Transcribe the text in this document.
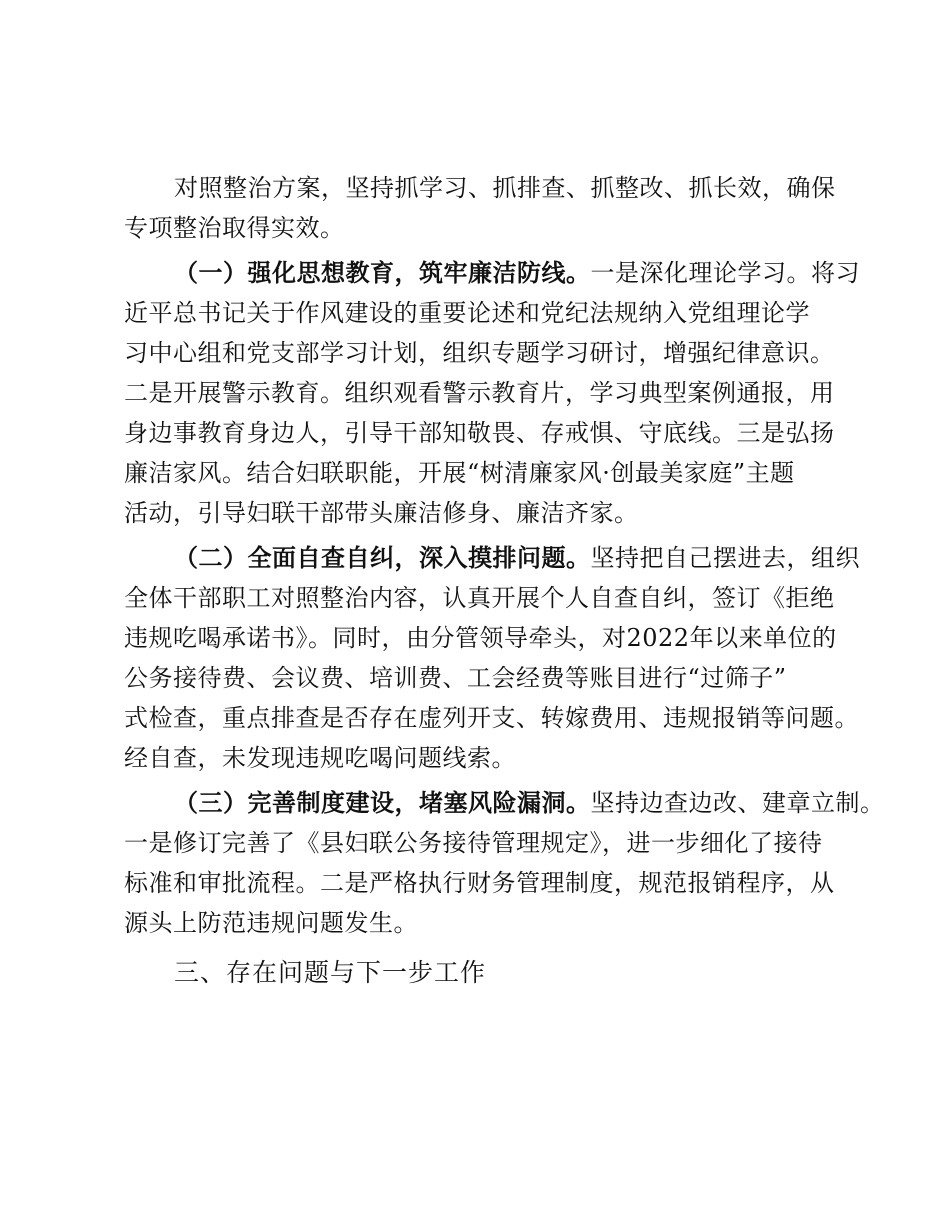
对照整治方案，坚持抓学习、抓排查、抓整改、抓长效，确保
专项整治取得实效。
（一）强化思想教育，筑牢廉洁防线。一是深化理论学习。将习
近平总书记关于作风建设的重要论述和党纪法规纳入党组理论学
习中心组和党支部学习计划，组织专题学习研讨，增强纪律意识。
二是开展警示教育。组织观看警示教育片，学习典型案例通报，用
身边事教育身边人，引导干部知敬畏、存戒惧、守底线。三是弘扬
廉洁家风。结合妇联职能，开展“树清廉家风·创最美家庭”主题
活动，引导妇联干部带头廉洁修身、廉洁齐家。
（二）全面自查自纠，深入摸排问题。坚持把自己摆进去，组织
全体干部职工对照整治内容，认真开展个人自查自纠，签订《拒绝
违规吃喝承诺书》。同时，由分管领导牵头，对2022年以来单位的
公务接待费、会议费、培训费、工会经费等账目进行“过筛子”
式检查，重点排查是否存在虚列开支、转嫁费用、违规报销等问题。
经自查，未发现违规吃喝问题线索。
（三）完善制度建设，堵塞风险漏洞。坚持边查边改、建章立制。
一是修订完善了《县妇联公务接待管理规定》，进一步细化了接待
标准和审批流程。二是严格执行财务管理制度，规范报销程序，从
源头上防范违规问题发生。
三、存在问题与下一步工作
